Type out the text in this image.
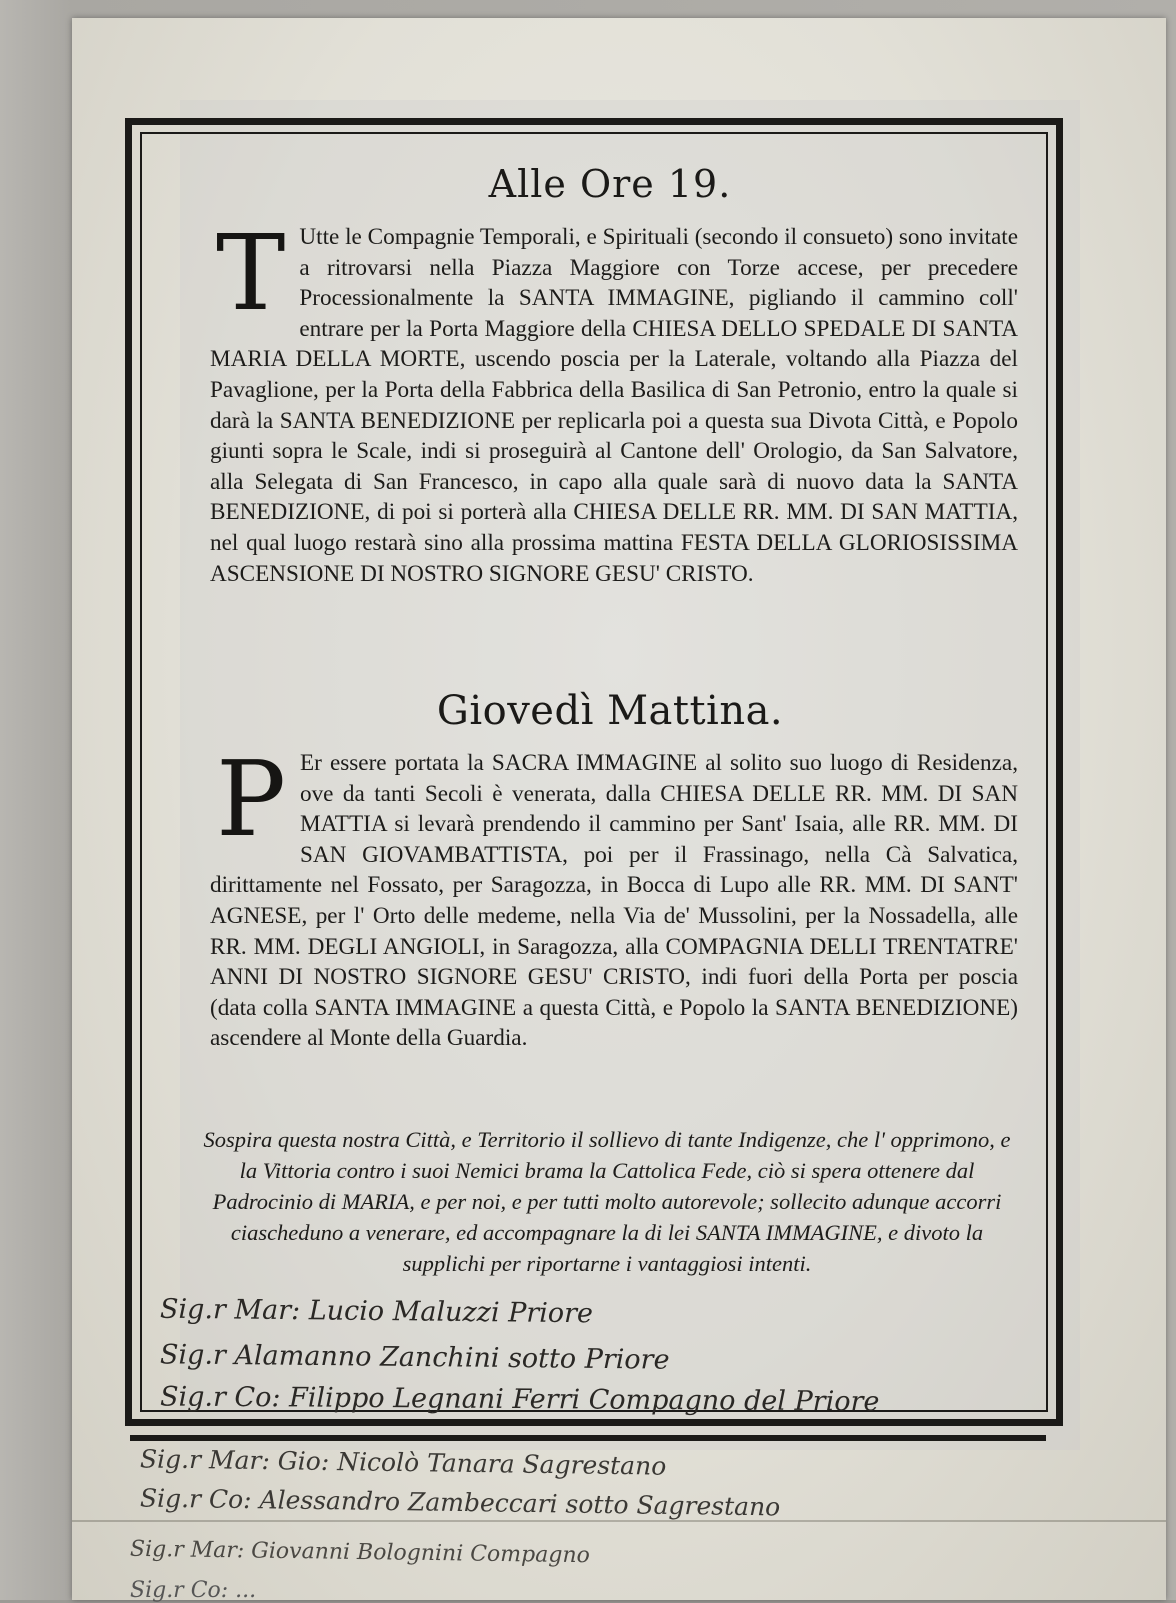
Alle Ore 19.
T Utte le Compagnie Temporali, e Spirituali (secondo il consueto) sono invitate a ritrovarsi nella Piazza Maggiore con Torze accese, per precedere Processionalmente la SANTA IMMAGINE, pigliando il cammino coll' entrare per la Porta Maggiore della CHIESA DELLO SPEDALE DI SANTA MARIA DELLA MORTE, uscendo poscia per la Laterale, voltando alla Piazza del Pavaglione, per la Porta della Fabbrica della Basilica di San Petronio, entro la quale si darà la SANTA BENEDIZIONE per replicarla poi a questa sua Divota Città, e Popolo giunti sopra le Scale, indi si proseguirà al Cantone dell' Orologio, da San Salvatore, alla Selegata di San Francesco, in capo alla quale sarà di nuovo data la SANTA BENEDIZIONE, di poi si porterà alla CHIESA DELLE RR. MM. DI SAN MATTIA, nel qual luogo restarà sino alla prossima mattina FESTA DELLA GLORIOSISSIMA ASCENSIONE DI NOSTRO SIGNORE GESU' CRISTO.
Giovedì Mattina.
P Er essere portata la SACRA IMMAGINE al solito suo luogo di Residenza, ove da tanti Secoli è venerata, dalla CHIESA DELLE RR. MM. DI SAN MATTIA si levarà prendendo il cammino per Sant' Isaia, alle RR. MM. DI SAN GIOVAMBATTISTA, poi per il Frassinago, nella Cà Salvatica, dirittamente nel Fossato, per Saragozza, in Bocca di Lupo alle RR. MM. DI SANT' AGNESE, per l' Orto delle medeme, nella Via de' Mussolini, per la Nossadella, alle RR. MM. DEGLI ANGIOLI, in Saragozza, alla COMPAGNIA DELLI TRENTATRE' ANNI DI NOSTRO SIGNORE GESU' CRISTO, indi fuori della Porta per poscia (data colla SANTA IMMAGINE a questa Città, e Popolo la SANTA BENEDIZIONE) ascendere al Monte della Guardia.
Sospira questa nostra Città, e Territorio il sollievo di tante Indigenze, che l' opprimono, e la Vittoria contro i suoi Nemici brama la Cattolica Fede, ciò si spera ottenere dal Padrocinio di MARIA, e per noi, e per tutti molto autorevole; sollecito adunque accorri ciascheduno a venerare, ed accompagnare la di lei SANTA IMMAGINE, e divoto la supplichi per riportarne i vantaggiosi intenti.
Sig.r Mar: Lucio Maluzzi Priore
Sig.r Alamanno Zanchini sotto Priore
Sig.r Co: Filippo Legnani Ferri Compagno del Priore
Sig.r Mar: Gio: Nicolò Tanara Sagrestano
Sig.r Co: Alessandro Zambeccari sotto Sagrestano
Sig.r Mar: Giovanni Bolognini Compagno
Sig.r Co: ...
